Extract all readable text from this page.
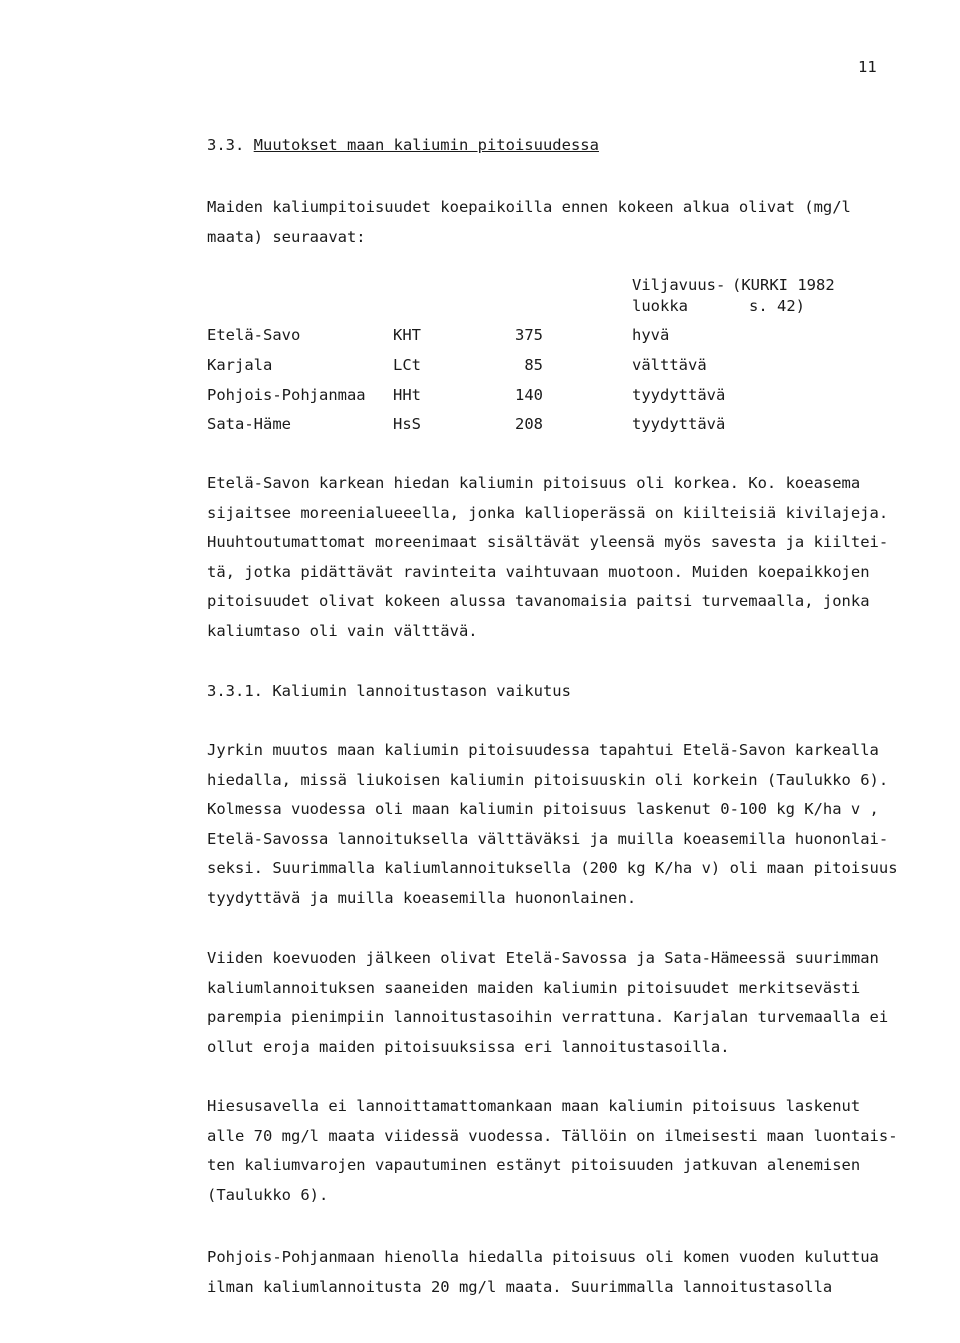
11
3.3. Muutokset maan kaliumin pitoisuudessa
Maiden kaliumpitoisuudet koepaikoilla ennen kokeen alkua olivat (mg/l
maata) seuraavat:
Viljavuus-
luokka
(KURKI 1982
s. 42)
Etelä-Savo	KHT	375	hyvä
Karjala	LCt	85	välttävä
Pohjois-Pohjanmaa HHt	140	tyydyttävä
Sata-Häme	HsS	208	tyydyttävä
Etelä-Savon karkean hiedan kaliumin pitoisuus oli korkea. Ko. koeasema
sijaitsee moreenialueeella, jonka kallioperässä on kiilteisiä kivilajeja.
Huuhtoutumattomat moreenimaat sisältävät yleensä myös savesta ja kiiltei-
tä, jotka pidättävät ravinteita vaihtuvaan muotoon. Muiden koepaikkojen
pitoisuudet olivat kokeen alussa tavanomaisia paitsi turvemaalla, jonka
kaliumtaso oli vain välttävä.
3.3.1. Kaliumin lannoitustason vaikutus
Jyrkin muutos maan kaliumin pitoisuudessa tapahtui Etelä-Savon karkealla
hiedalla, missä liukoisen kaliumin pitoisuuskin oli korkein (Taulukko 6).
Kolmessa vuodessa oli maan kaliumin pitoisuus laskenut 0-100 kg K/ha v ,
Etelä-Savossa lannoituksella välttäväksi ja muilla koeasemilla huononlai-
seksi. Suurimmalla kaliumlannoituksella (200 kg K/ha v) oli maan pitoisuus
tyydyttävä ja muilla koeasemilla huononlainen.
Viiden koevuoden jälkeen olivat Etelä-Savossa ja Sata-Hämeessä suurimman
kaliumlannoituksen saaneiden maiden kaliumin pitoisuudet merkitsevästi
parempia pienimpiin lannoitustasoihin verrattuna. Karjalan turvemaalla ei
ollut eroja maiden pitoisuuksissa eri lannoitustasoilla.
Hiesusavella ei lannoittamattomankaan maan kaliumin pitoisuus laskenut
alle 70 mg/l maata viidessä vuodessa. Tällöin on ilmeisesti maan luontais-
ten kaliumvarojen vapautuminen estänyt pitoisuuden jatkuvan alenemisen
(Taulukko 6).
Pohjois-Pohjanmaan hienolla hiedalla pitoisuus oli komen vuoden kuluttua
ilman kaliumlannoitusta 20 mg/l maata. Suurimmalla lannoitustasolla
